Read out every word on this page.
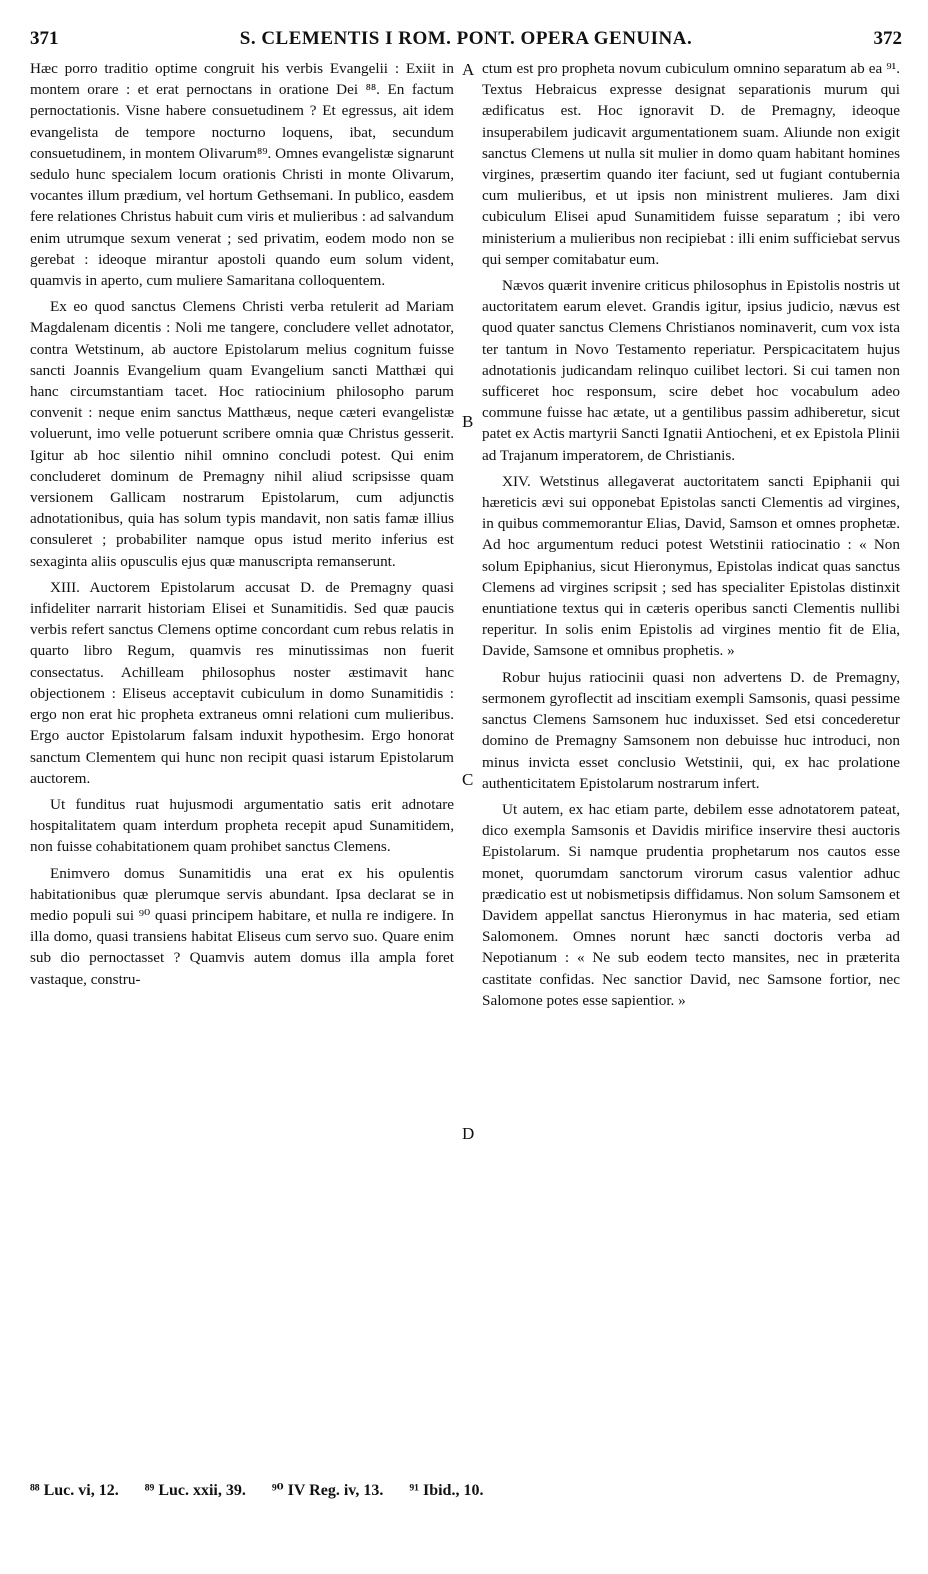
371	S. CLEMENTIS I ROM. PONT. OPERA GENUINA.	372

Hæc porro traditio optime congruit his verbis Evangelii : Exiit in montem orare : et erat pernoctans in oratione Dei ⁸⁸. En factum pernoctationis. Visne habere consuetudinem ? Et egressus, ait idem evangelista de tempore nocturno loquens, ibat, secundum consuetudinem, in montem Olivarum⁸⁹. Omnes evangelistæ signarunt sedulo hunc specialem locum orationis Christi in monte Olivarum, vocantes illum prædium, vel hortum Gethsemani. In publico, easdem fere relationes Christus habuit cum viris et mulieribus : ad salvandum enim utrumque sexum venerat ; sed privatim, eodem modo non se gerebat : ideoque mirantur apostoli quando eum solum vident, quamvis in aperto, cum muliere Samaritana colloquentem.

Ex eo quod sanctus Clemens Christi verba retulerit ad Mariam Magdalenam dicentis : Noli me tangere, concludere vellet adnotator, contra Wetstinum, ab auctore Epistolarum melius cognitum fuisse sancti Joannis Evangelium quam Evangelium sancti Matthæi qui hanc circumstantiam tacet. Hoc ratiocinium philosopho parum convenit : neque enim sanctus Matthæus, neque cæteri evangelistæ voluerunt, imo velle potuerunt scribere omnia quæ Christus gesserit. Igitur ab hoc silentio nihil omnino concludi potest. Qui enim concluderet dominum de Premagny nihil aliud scripsisse quam versionem Gallicam nostrarum Epistolarum, cum adjunctis adnotationibus, quia has solum typis mandavit, non satis famæ illius consuleret ; probabiliter namque opus istud merito inferius est sexaginta aliis opusculis ejus quæ manuscripta remanserunt.

XIII. Auctorem Epistolarum accusat D. de Premagny quasi infideliter narrarit historiam Elisei et Sunamitidis. Sed quæ paucis verbis refert sanctus Clemens optime concordant cum rebus relatis in quarto libro Regum, quamvis res minutissimas non fuerit consectatus. Achilleam philosophus noster æstimavit hanc objectionem : Eliseus acceptavit cubiculum in domo Sunamitidis : ergo non erat hic propheta extraneus omni relationi cum mulieribus. Ergo auctor Epistolarum falsam induxit hypothesim. Ergo honorat sanctum Clementem qui hunc non recipit quasi istarum Epistolarum auctorem.

Ut funditus ruat hujusmodi argumentatio satis erit adnotare hospitalitatem quam interdum propheta recepit apud Sunamitidem, non fuisse cohabitationem quam prohibet sanctus Clemens.

Enimvero domus Sunamitidis una erat ex his opulentis habitationibus quæ plerumque servis abundant. Ipsa declarat se in medio populi sui ⁹⁰ quasi principem habitare, et nulla re indigere. In illa domo, quasi transiens habitat Eliseus cum servo suo. Quare enim sub dio pernoctasset ? Quamvis autem domus illa ampla foret vastaque, constru-

ctum est pro propheta novum cubiculum omnino separatum ab ea ⁹¹. Textus Hebraicus expresse designat separationis murum qui ædificatus est. Hoc ignoravit D. de Premagny, ideoque insuperabilem judicavit argumentationem suam. Aliunde non exigit sanctus Clemens ut nulla sit mulier in domo quam habitant homines virgines, præsertim quando iter faciunt, sed ut fugiant contubernia cum mulieribus, et ut ipsis non ministrent mulieres. Jam dixi cubiculum Elisei apud Sunamitidem fuisse separatum ; ibi vero ministerium a mulieribus non recipiebat : illi enim sufficiebat servus qui semper comitabatur eum.

Nævos quærit invenire criticus philosophus in Epistolis nostris ut auctoritatem earum elevet. Grandis igitur, ipsius judicio, nævus est quod quater sanctus Clemens Christianos nominaverit, cum vox ista ter tantum in Novo Testamento reperiatur. Perspicacitatem hujus adnotationis judicandam relinquo cuilibet lectori. Si cui tamen non sufficeret hoc responsum, scire debet hoc vocabulum adeo commune fuisse hac ætate, ut a gentilibus passim adhiberetur, sicut patet ex Actis martyrii Sancti Ignatii Antiocheni, et ex Epistola Plinii ad Trajanum imperatorem, de Christianis.

XIV. Wetstinus allegaverat auctoritatem sancti Epiphanii qui hæreticis ævi sui opponebat Epistolas sancti Clementis ad virgines, in quibus commemorantur Elias, David, Samson et omnes prophetæ. Ad hoc argumentum reduci potest Wetstinii ratiocinatio : « Non solum Epiphanius, sicut Hieronymus, Epistolas indicat quas sanctus Clemens ad virgines scripsit ; sed has specialiter Epistolas distinxit enuntiatione textus qui in cæteris operibus sancti Clementis nullibi reperitur. In solis enim Epistolis ad virgines mentio fit de Elia, Davide, Samsone et omnibus prophetis. »

Robur hujus ratiocinii quasi non advertens D. de Premagny, sermonem gyroflectit ad inscitiam exempli Samsonis, quasi pessime sanctus Clemens Samsonem huc induxisset. Sed etsi concederetur domino de Premagny Samsonem non debuisse huc introduci, non minus invicta esset conclusio Wetstinii, qui, ex hac prolatione authenticitatem Epistolarum nostrarum infert.

Ut autem, ex hac etiam parte, debilem esse adnotatorem pateat, dico exempla Samsonis et Davidis mirifice inservire thesi auctoris Epistolarum. Si namque prudentia prophetarum nos cautos esse monet, quorumdam sanctorum virorum casus valentior adhuc prædicatio est ut nobismetipsis diffidamus. Non solum Samsonem et Davidem appellat sanctus Hieronymus in hac materia, sed etiam Salomonem. Omnes norunt hæc sancti doctoris verba ad Nepotianum : « Ne sub eodem tecto mansites, nec in præterita castitate confidas. Nec sanctior David, nec Samsone fortior, nec Salomone potes esse sapientior. »

A
B
C
D
⁸⁸ Luc. vi, 12. ⁸⁹ Luc. xxii, 39. ⁹⁰ IV Reg. iv, 13. ⁹¹ Ibid., 10.
